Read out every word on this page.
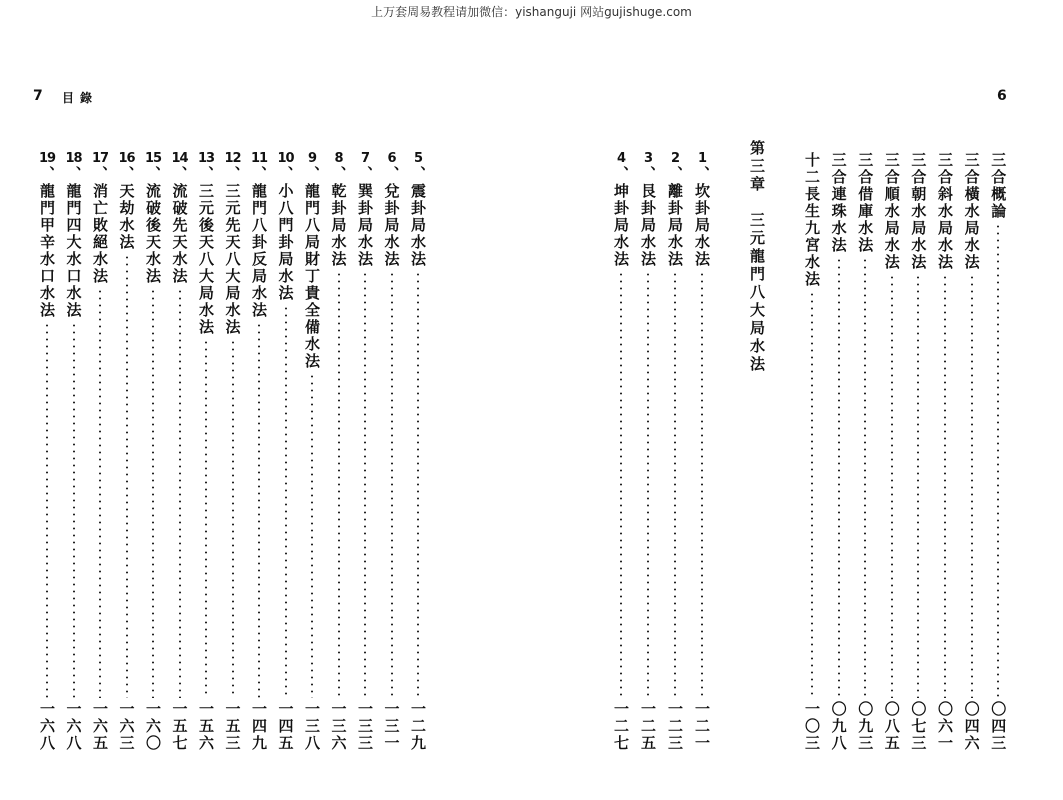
上万套周易教程请加微信：yishanguji 网站gujishuge.com
7 目錄	6
19
、
龍門甲辛水口水法
一六八
18
、
龍門四大水口水法
一六八
17
、
消亡敗絕水法
一六五
16
、
天劫水法
一六三
15
、
流破後天水法
一六〇
14
、
流破先天水法
一五七
13
、
三元後天八大局水法
一五六
12
、
三元先天八大局水法
一五三
11
、
龍門八卦反局水法
一四九
10
、
小八門卦局水法
一四五
9
、
龍門八局財丁貴全備水法
一三八
8
、
乾卦局水法
一三六
7
、
巽卦局水法
一三三
6
、
兌卦局水法
一三一
5
、
震卦局水法
一二九
4
、
坤卦局水法
一二七
3
、
艮卦局水法
一二五
2
、
離卦局水法
一二三
1
、
坎卦局水法
一二一
十二長生九宮水法
一〇三
三合連珠水法
〇九八
三合借庫水法
〇九三
三合順水局水法
〇八五
三合朝水局水法
〇七三
三合斜水局水法
〇六一
三合橫水局水法
〇四六
三合概論
〇四三
第三章　三元龍門八大局水法
